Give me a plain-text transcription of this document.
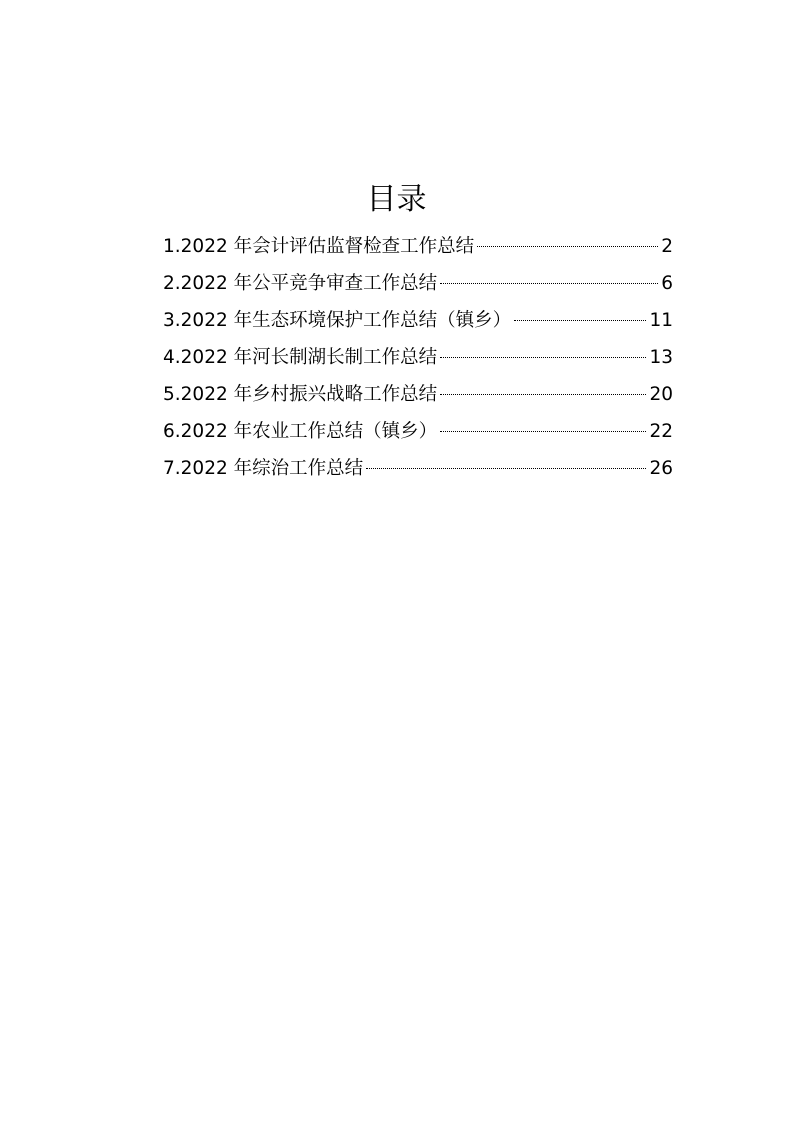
目录
1.2022 年会计评估监督检查工作总结	2
2.2022 年公平竞争审查工作总结	6
3.2022 年生态环境保护工作总结（镇乡）	11
4.2022 年河长制湖长制工作总结	13
5.2022 年乡村振兴战略工作总结	20
6.2022 年农业工作总结（镇乡）	22
7.2022 年综治工作总结	26
